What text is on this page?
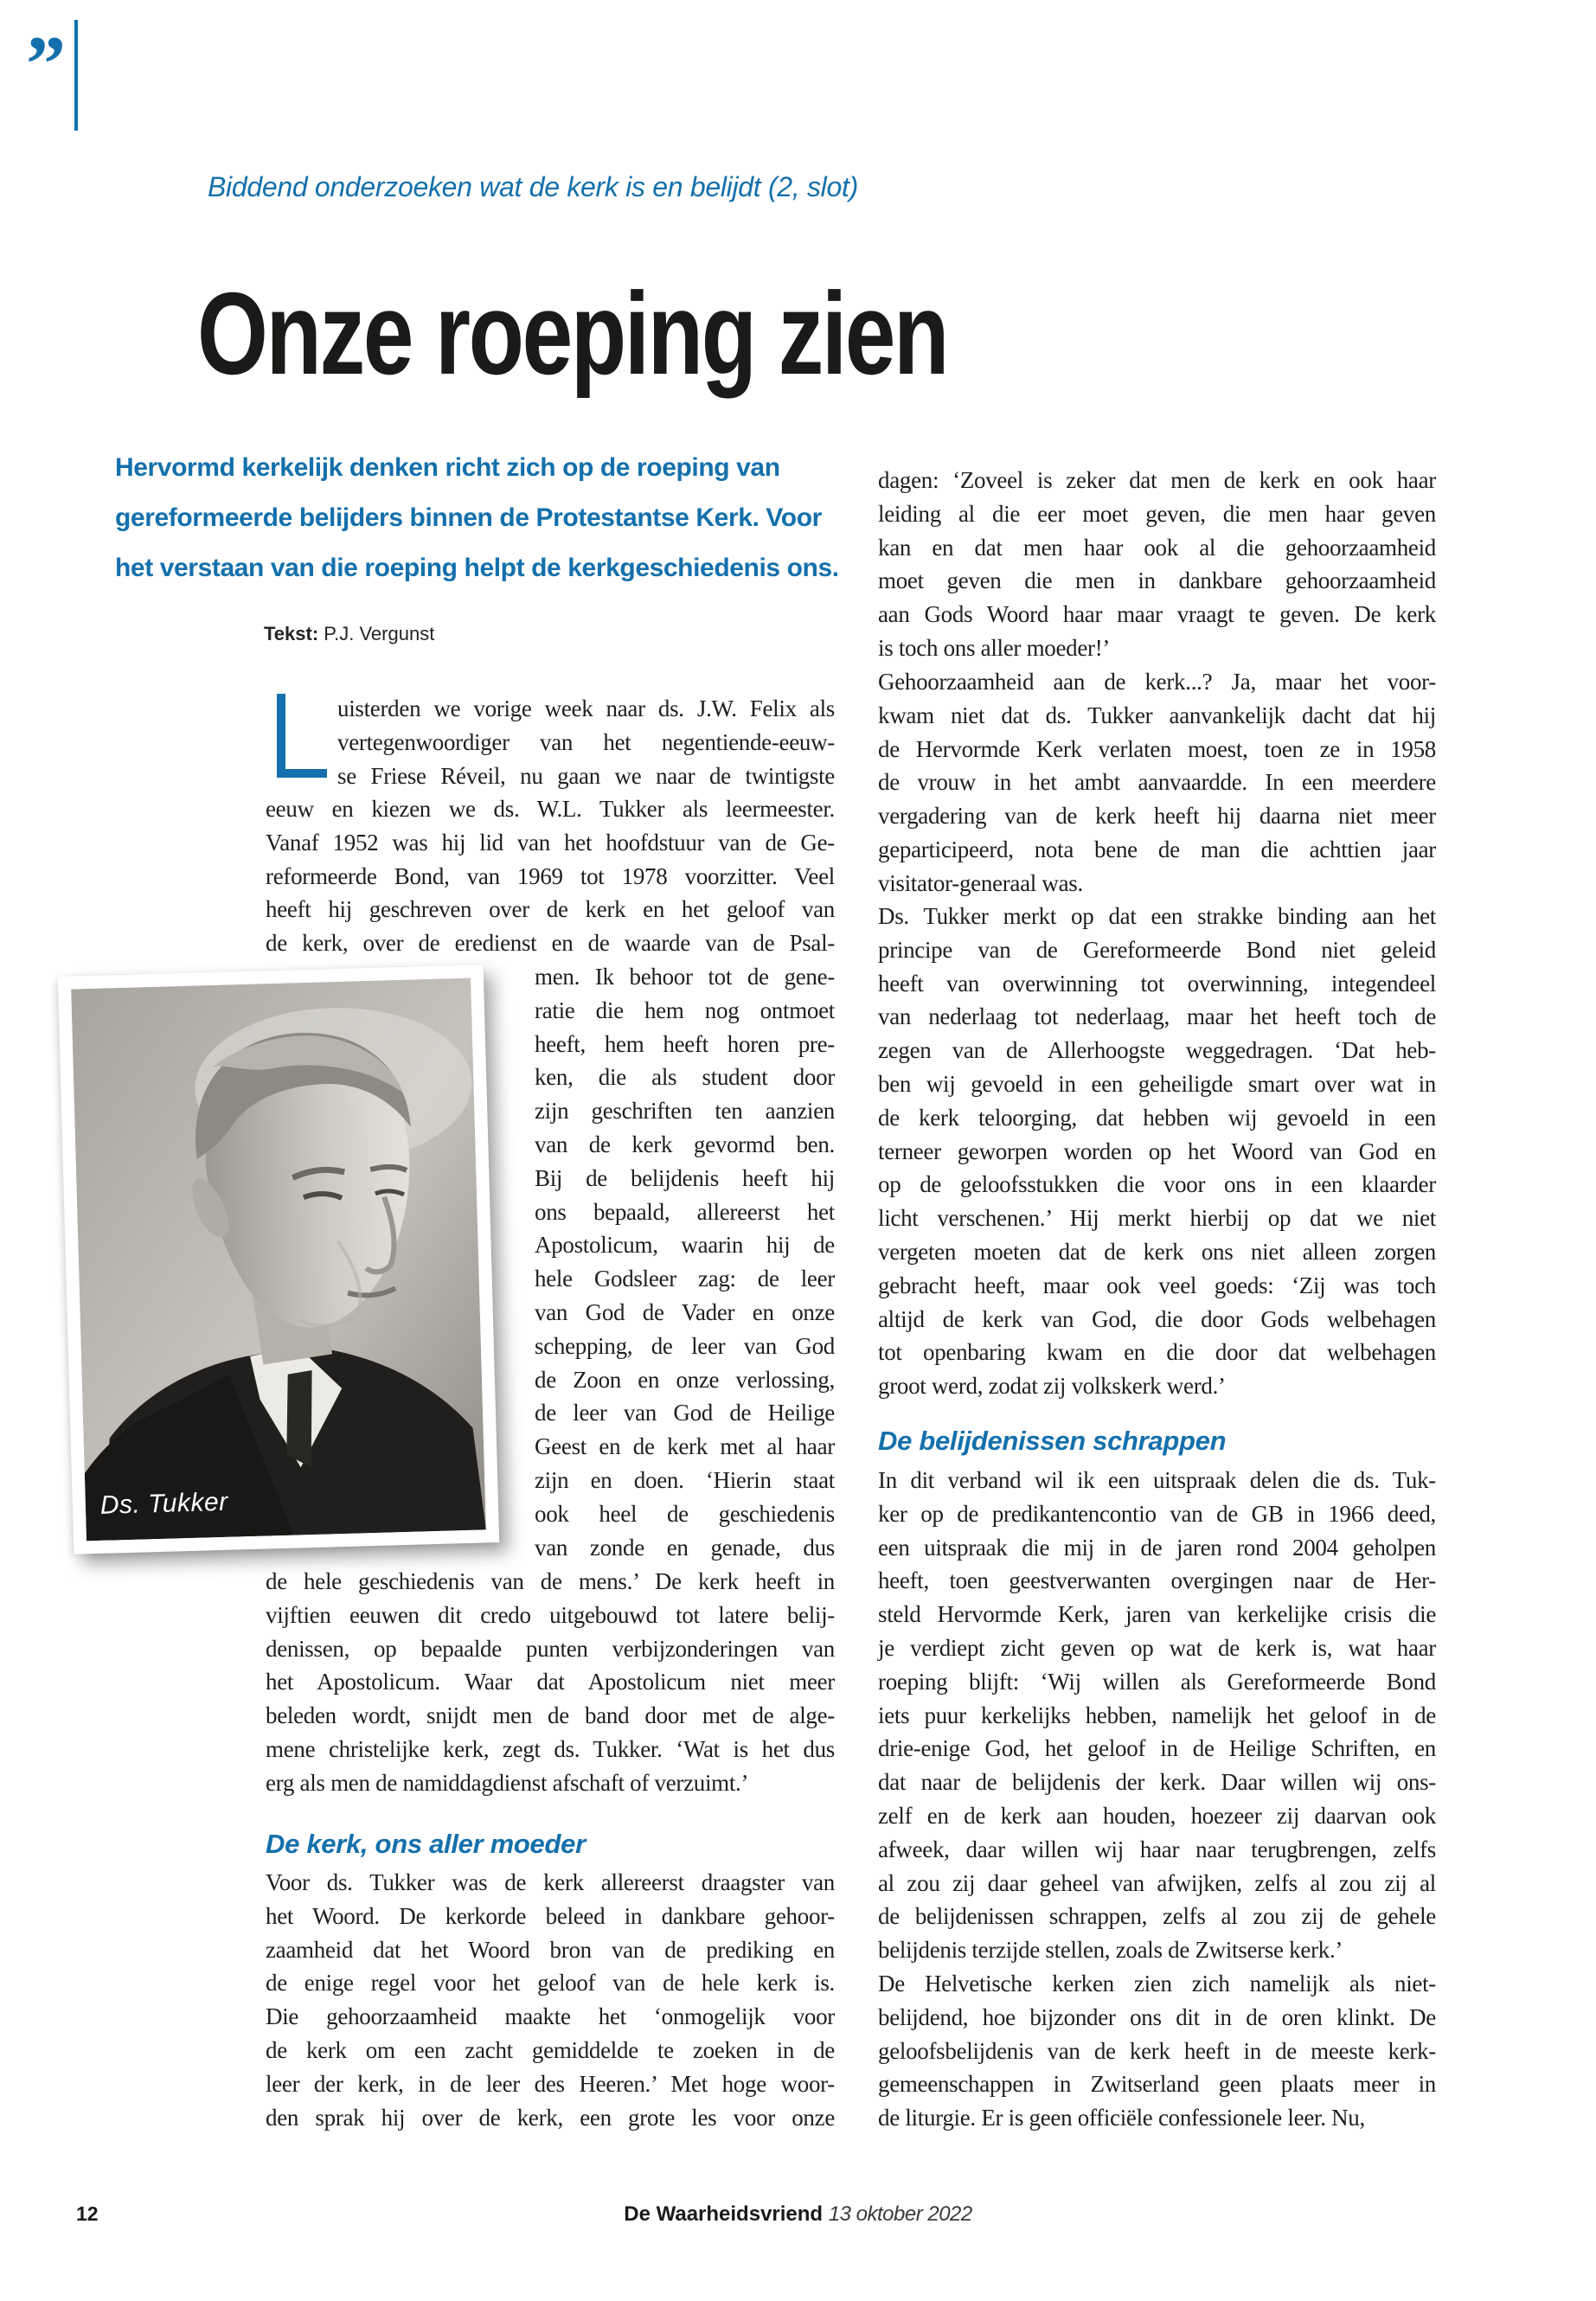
”
Biddend onderzoeken wat de kerk is en belijdt (2, slot)
Onze roeping zien
Hervormd kerkelijk denken richt zich op de roeping van
gereformeerde belijders binnen de Protestantse Kerk. Voor
het verstaan van die roeping helpt de kerkgeschiedenis ons.
Tekst: P.J. Vergunst
uisterden we vorige week naar ds. J.W. Felix als
vertegenwoordiger van het negentiende-eeuw-
se Friese Réveil, nu gaan we naar de twintigste
eeuw en kiezen we ds. W.L. Tukker als leermeester.
Vanaf 1952 was hij lid van het hoofdstuur van de Ge-
reformeerde Bond, van 1969 tot 1978 voorzitter. Veel
heeft hij geschreven over de kerk en het geloof van
de kerk, over de eredienst en de waarde van de Psal-
men. Ik behoor tot de gene-
ratie die hem nog ontmoet
heeft, hem heeft horen pre-
ken, die als student door
zijn geschriften ten aanzien
van de kerk gevormd ben.
Bij de belijdenis heeft hij
ons bepaald, allereerst het
Apostolicum, waarin hij de
hele Godsleer zag: de leer
van God de Vader en onze
schepping, de leer van God
de Zoon en onze verlossing,
de leer van God de Heilige
Geest en de kerk met al haar
zijn en doen. ‘Hierin staat
ook heel de geschiedenis
van zonde en genade, dus
de hele geschiedenis van de mens.’ De kerk heeft in
vijftien eeuwen dit credo uitgebouwd tot latere belij-
denissen, op bepaalde punten verbijzonderingen van
het Apostolicum. Waar dat Apostolicum niet meer
beleden wordt, snijdt men de band door met de alge-
mene christelijke kerk, zegt ds. Tukker. ‘Wat is het dus
erg als men de namiddagdienst afschaft of verzuimt.’
De kerk, ons aller moeder
Voor ds. Tukker was de kerk allereerst draagster van
het Woord. De kerkorde beleed in dankbare gehoor-
zaamheid dat het Woord bron van de prediking en
de enige regel voor het geloof van de hele kerk is.
Die gehoorzaamheid maakte het ‘onmogelijk voor
de kerk om een zacht gemiddelde te zoeken in de
leer der kerk, in de leer des Heeren.’ Met hoge woor-
den sprak hij over de kerk, een grote les voor onze
dagen: ‘Zoveel is zeker dat men de kerk en ook haar
leiding al die eer moet geven, die men haar geven
kan en dat men haar ook al die gehoorzaamheid
moet geven die men in dankbare gehoorzaamheid
aan Gods Woord haar maar vraagt te geven. De kerk
is toch ons aller moeder!’
Gehoorzaamheid aan de kerk...? Ja, maar het voor-
kwam niet dat ds. Tukker aanvankelijk dacht dat hij
de Hervormde Kerk verlaten moest, toen ze in 1958
de vrouw in het ambt aanvaardde. In een meerdere
vergadering van de kerk heeft hij daarna niet meer
geparticipeerd, nota bene de man die achttien jaar
visitator-generaal was.
Ds. Tukker merkt op dat een strakke binding aan het
principe van de Gereformeerde Bond niet geleid
heeft van overwinning tot overwinning, integendeel
van nederlaag tot nederlaag, maar het heeft toch de
zegen van de Allerhoogste weggedragen. ‘Dat heb-
ben wij gevoeld in een geheiligde smart over wat in
de kerk teloorging, dat hebben wij gevoeld in een
terneer geworpen worden op het Woord van God en
op de geloofsstukken die voor ons in een klaarder
licht verschenen.’ Hij merkt hierbij op dat we niet
vergeten moeten dat de kerk ons niet alleen zorgen
gebracht heeft, maar ook veel goeds: ‘Zij was toch
altijd de kerk van God, die door Gods welbehagen
tot openbaring kwam en die door dat welbehagen
groot werd, zodat zij volkskerk werd.’
De belijdenissen schrappen
In dit verband wil ik een uitspraak delen die ds. Tuk-
ker op de predikantencontio van de GB in 1966 deed,
een uitspraak die mij in de jaren rond 2004 geholpen
heeft, toen geestverwanten overgingen naar de Her-
steld Hervormde Kerk, jaren van kerkelijke crisis die
je verdiept zicht geven op wat de kerk is, wat haar
roeping blijft: ‘Wij willen als Gereformeerde Bond
iets puur kerkelijks hebben, namelijk het geloof in de
drie-enige God, het geloof in de Heilige Schriften, en
dat naar de belijdenis der kerk. Daar willen wij ons-
zelf en de kerk aan houden, hoezeer zij daarvan ook
afweek, daar willen wij haar naar terugbrengen, zelfs
al zou zij daar geheel van afwijken, zelfs al zou zij al
de belijdenissen schrappen, zelfs al zou zij de gehele
belijdenis terzijde stellen, zoals de Zwitserse kerk.’
De Helvetische kerken zien zich namelijk als niet-
belijdend, hoe bijzonder ons dit in de oren klinkt. De
geloofsbelijdenis van de kerk heeft in de meeste kerk-
gemeenschappen in Zwitserland geen plaats meer in
de liturgie. Er is geen officiële confessionele leer. Nu,
Ds. Tukker
12	De Waarheidsvriend 13 oktober 2022
